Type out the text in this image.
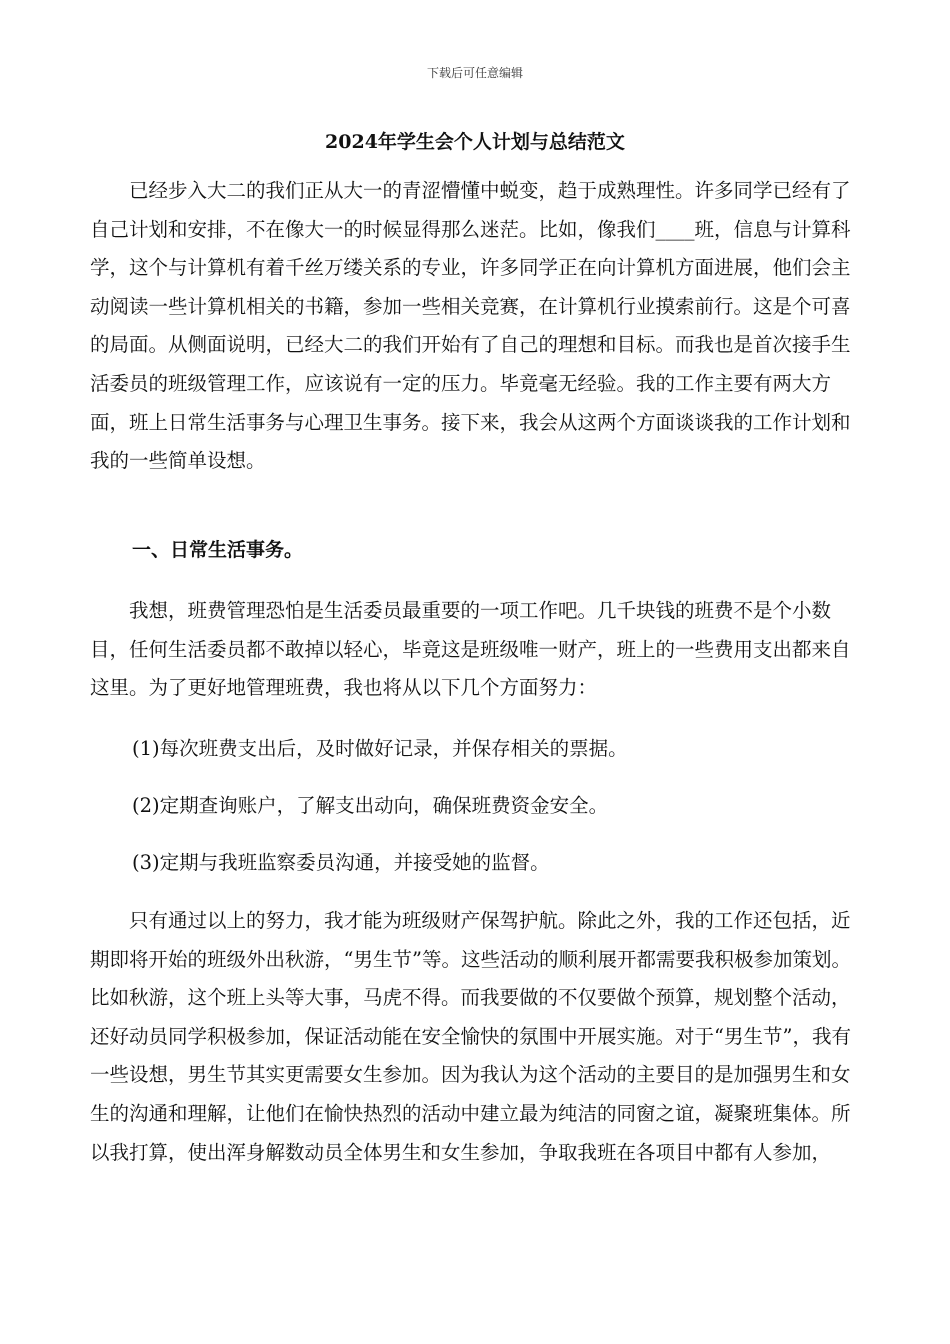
下载后可任意编辑
2024年学生会个人计划与总结范文

已经步入大二的我们正从大一的青涩懵懂中蜕变，趋于成熟理性。许多同学已经有了自己计划和安排，不在像大一的时候显得那么迷茫。比如，像我们____班，信息与计算科学，这个与计算机有着千丝万缕关系的专业，许多同学正在向计算机方面进展，他们会主动阅读一些计算机相关的书籍，参加一些相关竞赛，在计算机行业摸索前行。这是个可喜的局面。从侧面说明，已经大二的我们开始有了自己的理想和目标。而我也是首次接手生活委员的班级管理工作，应该说有一定的压力。毕竟毫无经验。我的工作主要有两大方面，班上日常生活事务与心理卫生事务。接下来，我会从这两个方面谈谈我的工作计划和我的一些简单设想。

一、日常生活事务。

我想，班费管理恐怕是生活委员最重要的一项工作吧。几千块钱的班费不是个小数目，任何生活委员都不敢掉以轻心，毕竟这是班级唯一财产，班上的一些费用支出都来自这里。为了更好地管理班费，我也将从以下几个方面努力：

(1)每次班费支出后，及时做好记录，并保存相关的票据。
(2)定期查询账户，了解支出动向，确保班费资金安全。
(3)定期与我班监察委员沟通，并接受她的监督。

只有通过以上的努力，我才能为班级财产保驾护航。除此之外，我的工作还包括，近期即将开始的班级外出秋游，“男生节”等。这些活动的顺利展开都需要我积极参加策划。比如秋游，这个班上头等大事，马虎不得。而我要做的不仅要做个预算，规划整个活动，还好动员同学积极参加，保证活动能在安全愉快的氛围中开展实施。对于“男生节”，我有一些设想，男生节其实更需要女生参加。因为我认为这个活动的主要目的是加强男生和女生的沟通和理解，让他们在愉快热烈的活动中建立最为纯洁的同窗之谊，凝聚班集体。所以我打算，使出浑身解数动员全体男生和女生参加，争取我班在各项目中都有人参加，
